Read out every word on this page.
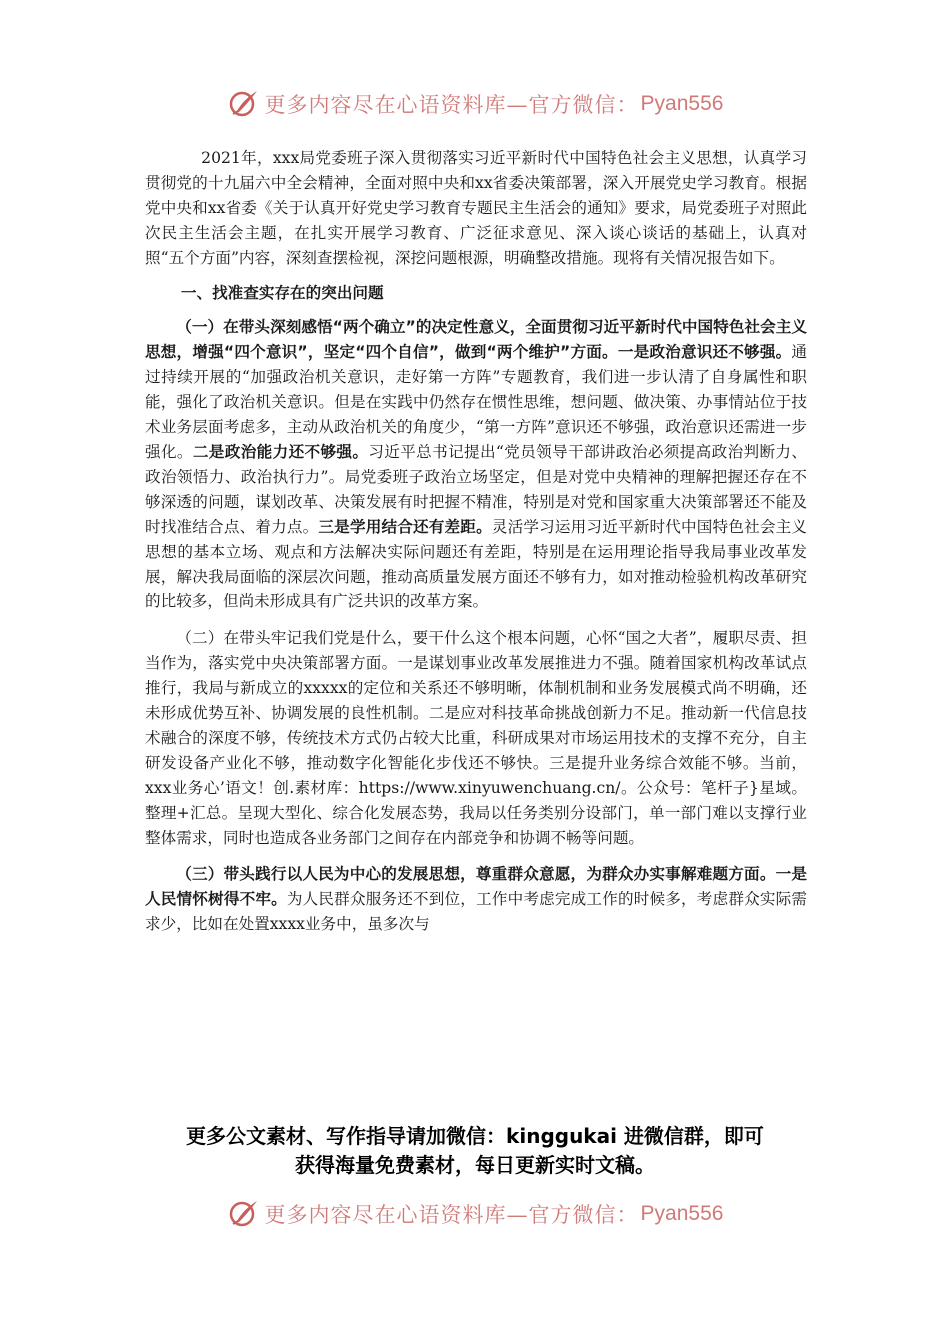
更多内容尽在心语资料库— 官方微信： Pyan556

2021年，xxx局党委班子深入贯彻落实习近平新时代中国特色社会主义思想，认真学习贯彻党的十九届六中全会精神，全面对照中央和xx省委决策部署，深入开展党史学习教育。根据党中央和xx省委《关于认真开好党史学习教育专题民主生活会的通知》要求，局党委班子对照此次民主生活会主题，在扎实开展学习教育、广泛征求意见、深入谈心谈话的基础上，认真对照“五个方面”内容，深刻查摆检视，深挖问题根源，明确整改措施。现将有关情况报告如下。

一、找准查实存在的突出问题

（一）在带头深刻感悟“两个确立”的决定性意义，全面贯彻习近平新时代中国特色社会主义思想，增强“四个意识”，坚定“四个自信”，做到“两个维护”方面。一是政治意识还不够强。通过持续开展的“加强政治机关意识，走好第一方阵”专题教育，我们进一步认清了自身属性和职能，强化了政治机关意识。但是在实践中仍然存在惯性思维，想问题、做决策、办事情站位于技术业务层面考虑多，主动从政治机关的角度少，“第一方阵”意识还不够强，政治意识还需进一步强化。二是政治能力还不够强。习近平总书记提出“党员领导干部讲政治必须提高政治判断力、政治领悟力、政治执行力”。局党委班子政治立场坚定，但是对党中央精神的理解把握还存在不够深透的问题，谋划改革、决策发展有时把握不精准，特别是对党和国家重大决策部署还不能及时找准结合点、着力点。三是学用结合还有差距。灵活学习运用习近平新时代中国特色社会主义思想的基本立场、观点和方法解决实际问题还有差距，特别是在运用理论指导我局事业改革发展，解决我局面临的深层次问题，推动高质量发展方面还不够有力，如对推动检验机构改革研究的比较多，但尚未形成具有广泛共识的改革方案。

（二）在带头牢记我们党是什么，要干什么这个根本问题，心怀“国之大者”，履职尽责、担当作为，落实党中央决策部署方面。一是谋划事业改革发展推进力不强。随着国家机构改革试点推行，我局与新成立的xxxxx的定位和关系还不够明晰，体制机制和业务发展模式尚不明确，还未形成优势互补、协调发展的良性机制。二是应对科技革命挑战创新力不足。推动新一代信息技术融合的深度不够，传统技术方式仍占较大比重，科研成果对市场运用技术的支撑不充分，自主研发设备产业化不够，推动数字化智能化步伐还不够快。三是提升业务综合效能不够。当前，xxx业务心’语文！创.素材库：https://www.xinyuwenchuang.cn/。公众号：笔杆子}星域。整理+汇总。呈现大型化、综合化发展态势，我局以任务类别分设部门，单一部门难以支撑行业整体需求，同时也造成各业务部门之间存在内部竞争和协调不畅等问题。

（三）带头践行以人民为中心的发展思想，尊重群众意愿，为群众办实事解难题方面。一是人民情怀树得不牢。为人民群众服务还不到位，工作中考虑完成工作的时候多，考虑群众实际需求少，比如在处置xxxx业务中，虽多次与

更多公文素材、写作指导请加微信：kinggukai 进微信群，即可
获得海量免费素材，每日更新实时文稿。
更多内容尽在心语资料库— 官方微信： Pyan556
